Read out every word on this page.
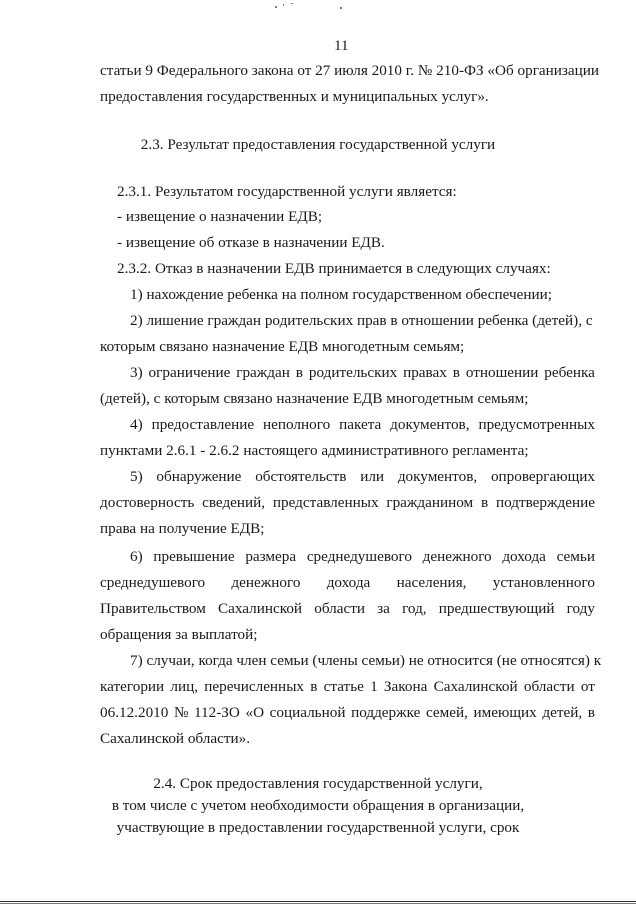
11
статьи 9 Федерального закона от 27 июля 2010 г. № 210-ФЗ «Об организации
предоставления государственных и муниципальных услуг».
2.3. Результат предоставления государственной услуги
2.3.1. Результатом государственной услуги является:
- извещение о назначении ЕДВ;
- извещение об отказе в назначении ЕДВ.
2.3.2. Отказ в назначении ЕДВ принимается в следующих случаях:
1) нахождение ребенка на полном государственном обеспечении;
2) лишение граждан родительских прав в отношении ребенка (детей), с
которым связано назначение ЕДВ многодетным семьям;
3) ограничение граждан в родительских правах в отношении ребенка
(детей), с которым связано назначение ЕДВ многодетным семьям;
4) предоставление неполного пакета документов, предусмотренных
пунктами 2.6.1 - 2.6.2 настоящего административного регламента;
5) обнаружение обстоятельств или документов, опровергающих
достоверность сведений, представленных гражданином в подтверждение
права на получение ЕДВ;
6) превышение размера среднедушевого денежного дохода семьи
среднедушевого денежного дохода населения, установленного
Правительством Сахалинской области за год, предшествующий году
обращения за выплатой;
7) случаи, когда член семьи (члены семьи) не относится (не относятся) к
категории лиц, перечисленных в статье 1 Закона Сахалинской области от
06.12.2010 № 112-ЗО «О социальной поддержке семей, имеющих детей, в
Сахалинской области».
2.4. Срок предоставления государственной услуги,
в том числе с учетом необходимости обращения в организации,
участвующие в предоставлении государственной услуги, срок
